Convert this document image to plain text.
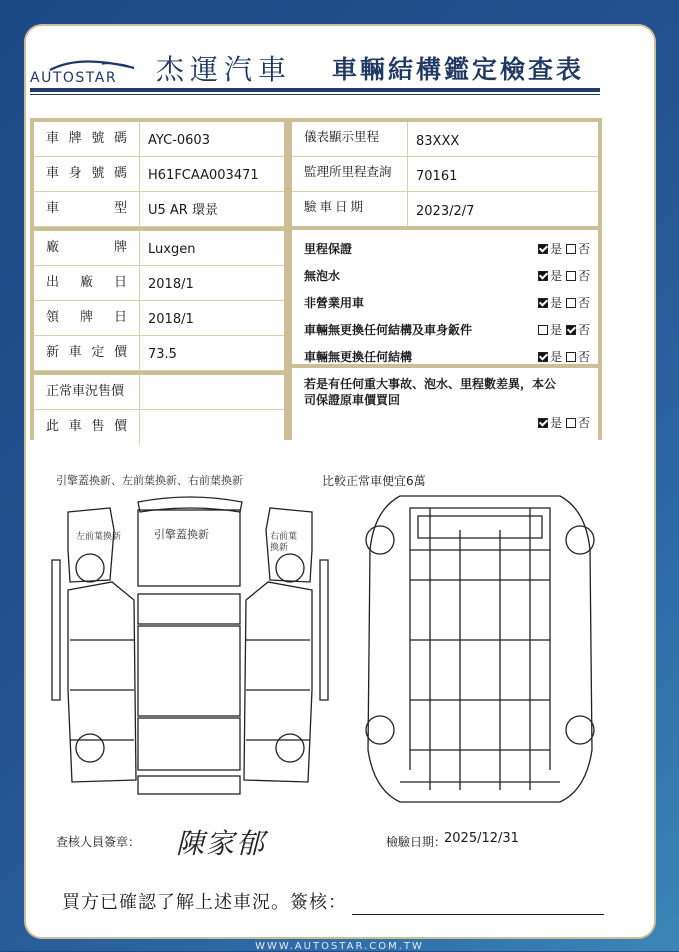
AUTOSTAR 杰運汽車 車輛結構鑑定檢查表
車牌號碼	AYC-0603
車身號碼	H61FCAA003471
車型	U5 AR 環景
廠牌	Luxgen
出廠日	2018/1
領牌日	2018/1
新車定價	73.5
正常車況售價
此車售價
儀表顯示里程	83XXX
監理所里程查詢	70161
驗車日期	2023/2/7
里程保證	是 否
無泡水	是 否
非營業用車	是 否
車輛無更換任何結構及車身鈑件	是 否
車輛無更換任何結構	是 否
若是有任何重大事故、泡水、里程數差異，本公司保證原車價買回
是 否
引擎蓋換新、左前葉換新、右前葉換新	比較正常車便宜6萬
左前葉換新	引擎蓋換新	右前葉換新
查核人員簽章： 陳家郁	檢驗日期：
2025/12/31
買方已確認了解上述車況。簽核：
WWW.AUTOSTAR.COM.TW
